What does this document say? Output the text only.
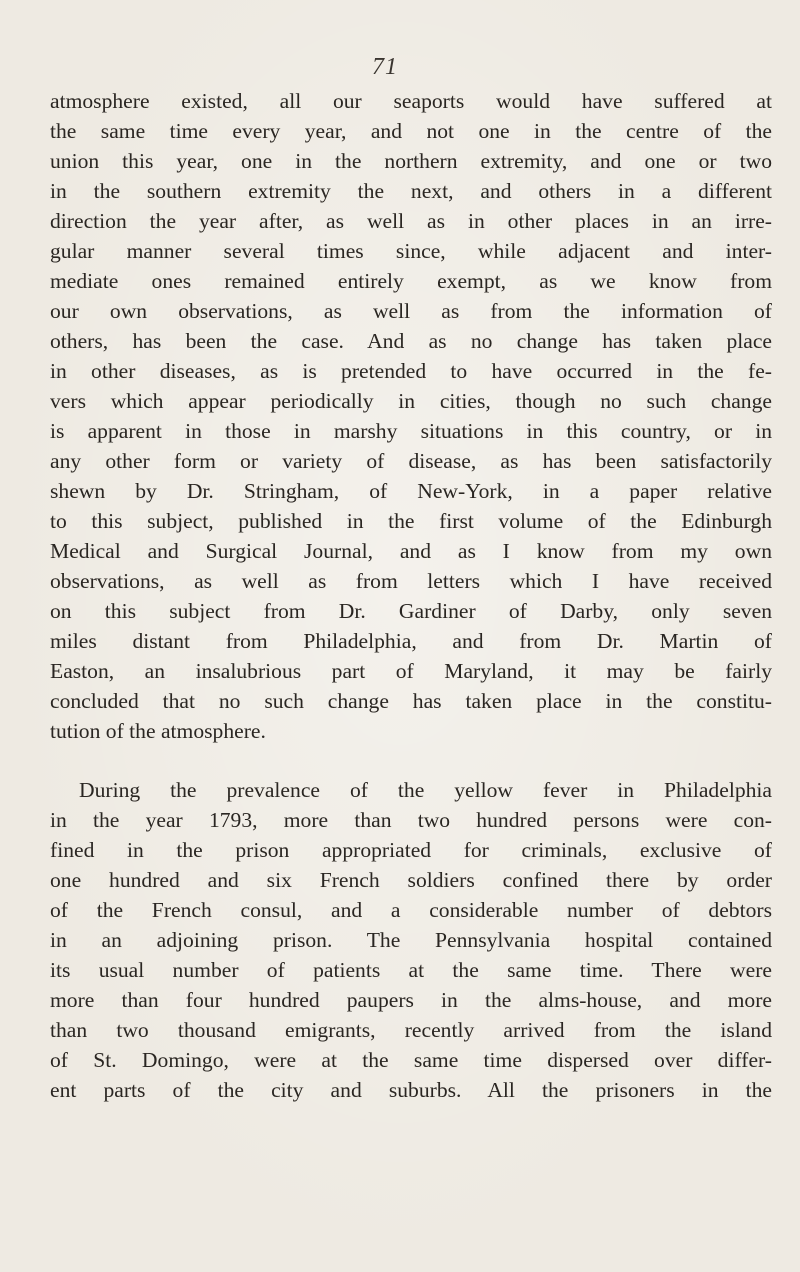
71
atmosphere existed, all our seaports would have suffered at
the same time every year, and not one in the centre of the
union this year, one in the northern extremity, and one or two
in the southern extremity the next, and others in a different
direction the year after, as well as in other places in an irre-
gular manner several times since, while adjacent and inter-
mediate ones remained entirely exempt, as we know from
our own observations, as well as from the information of
others, has been the case. And as no change has taken place
in other diseases, as is pretended to have occurred in the fe-
vers which appear periodically in cities, though no such change
is apparent in those in marshy situations in this country, or in
any other form or variety of disease, as has been satisfactorily
shewn by Dr. Stringham, of New-York, in a paper relative
to this subject, published in the first volume of the Edinburgh
Medical and Surgical Journal, and as I know from my own
observations, as well as from letters which I have received
on this subject from Dr. Gardiner of Darby, only seven
miles distant from Philadelphia, and from Dr. Martin of
Easton, an insalubrious part of Maryland, it may be fairly
concluded that no such change has taken place in the constitu-
tution of the atmosphere.
During the prevalence of the yellow fever in Philadelphia
in the year 1793, more than two hundred persons were con-
fined in the prison appropriated for criminals, exclusive of
one hundred and six French soldiers confined there by order
of the French consul, and a considerable number of debtors
in an adjoining prison. The Pennsylvania hospital contained
its usual number of patients at the same time. There were
more than four hundred paupers in the alms-house, and more
than two thousand emigrants, recently arrived from the island
of St. Domingo, were at the same time dispersed over differ-
ent parts of the city and suburbs. All the prisoners in the
